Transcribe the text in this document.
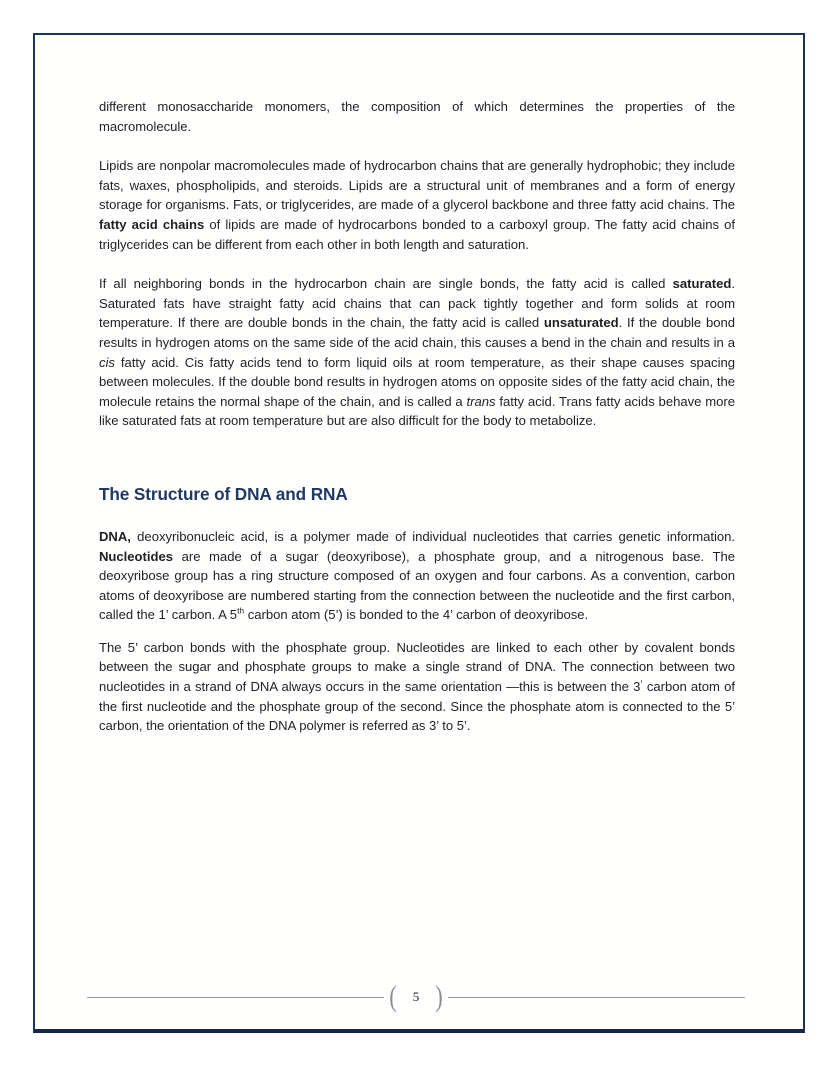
different monosaccharide monomers, the composition of which determines the properties of the macromolecule.

Lipids are nonpolar macromolecules made of hydrocarbon chains that are generally hydrophobic; they include fats, waxes, phospholipids, and steroids. Lipids are a structural unit of membranes and a form of energy storage for organisms. Fats, or triglycerides, are made of a glycerol backbone and three fatty acid chains. The fatty acid chains of lipids are made of hydrocarbons bonded to a carboxyl group. The fatty acid chains of triglycerides can be different from each other in both length and saturation.

If all neighboring bonds in the hydrocarbon chain are single bonds, the fatty acid is called saturated. Saturated fats have straight fatty acid chains that can pack tightly together and form solids at room temperature. If there are double bonds in the chain, the fatty acid is called unsaturated. If the double bond results in hydrogen atoms on the same side of the acid chain, this causes a bend in the chain and results in a cis fatty acid. Cis fatty acids tend to form liquid oils at room temperature, as their shape causes spacing between molecules. If the double bond results in hydrogen atoms on opposite sides of the fatty acid chain, the molecule retains the normal shape of the chain, and is called a trans fatty acid. Trans fatty acids behave more like saturated fats at room temperature but are also difficult for the body to metabolize.

The Structure of DNA and RNA

DNA, deoxyribonucleic acid, is a polymer made of individual nucleotides that carries genetic information. Nucleotides are made of a sugar (deoxyribose), a phosphate group, and a nitrogenous base. The deoxyribose group has a ring structure composed of an oxygen and four carbons. As a convention, carbon atoms of deoxyribose are numbered starting from the connection between the nucleotide and the first carbon, called the 1’ carbon. A 5th carbon atom (5’) is bonded to the 4’ carbon of deoxyribose.

The 5’ carbon bonds with the phosphate group. Nucleotides are linked to each other by covalent bonds between the sugar and phosphate groups to make a single strand of DNA. The connection between two nucleotides in a strand of DNA always occurs in the same orientation —this is between the 3’ carbon atom of the first nucleotide and the phosphate group of the second. Since the phosphate atom is connected to the 5’ carbon, the orientation of the DNA polymer is referred as 3’ to 5’.

( 5 )
